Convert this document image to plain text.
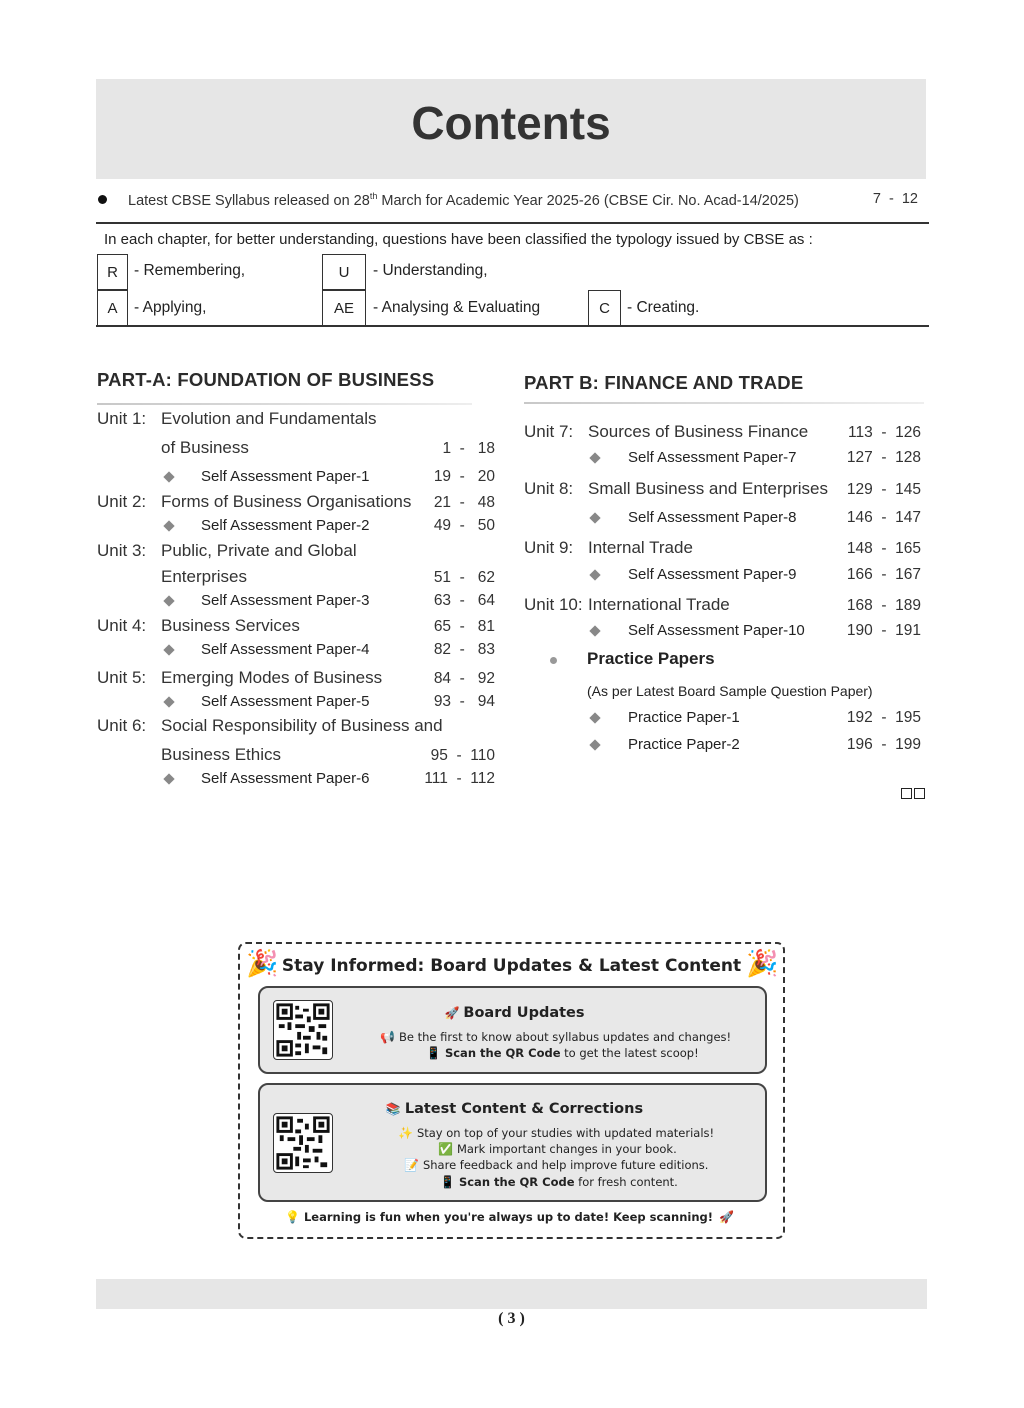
Contents
Latest CBSE Syllabus released on 28th March for Academic Year 2025-26 (CBSE Cir. No. Acad-14/2025)	7 - 12
In each chapter, for better understanding, questions have been classified the typology issued by CBSE as :
R	- Remembering,	U	- Understanding,
A	- Applying,	AE	- Analysing & Evaluating	C	- Creating.
PART-A: FOUNDATION OF BUSINESS
Unit 1: Evolution and Fundamentals
of Business	1  -   18
Self Assessment Paper-1	19  -   20
Unit 2: Forms of Business Organisations 21  -   48
Self Assessment Paper-2	49  -   50
Unit 3: Public, Private and Global
Enterprises	51  -   62
Self Assessment Paper-3	63  -   64
Unit 4: Business Services	65  -   81
Self Assessment Paper-4	82  -   83
Unit 5: Emerging Modes of Business	84  -   92
Self Assessment Paper-5	93  -   94
Unit 6: Social Responsibility of Business and
Business Ethics	95  -  110
Self Assessment Paper-6	111  -  112
PART B: FINANCE AND TRADE
Unit 7: Sources of Business Finance	113  -  126
Self Assessment Paper-7	127  -  128
Unit 8: Small Business and Enterprises 129  -  145
Self Assessment Paper-8	146  -  147
Unit 9: Internal Trade	148  -  165
Self Assessment Paper-9	166  -  167
Unit 10: International Trade	168  -  189
Self Assessment Paper-10	190  -  191
Practice Papers
(As per Latest Board Sample Question Paper)
Practice Paper-1	192  -  195
Practice Paper-2	196  -  199
🎉	🎉
Stay Informed: Board Updates & Latest Content
🚀 Board Updates
📢 Be the first to know about syllabus updates and changes!
📱 Scan the QR Code to get the latest scoop!
📚 Latest Content & Corrections
✨ Stay on top of your studies with updated materials!
✅ Mark important changes in your book.
📝 Share feedback and help improve future editions.
📱 Scan the QR Code for fresh content.
💡 Learning is fun when you're always up to date! Keep scanning! 🚀
( 3 )
